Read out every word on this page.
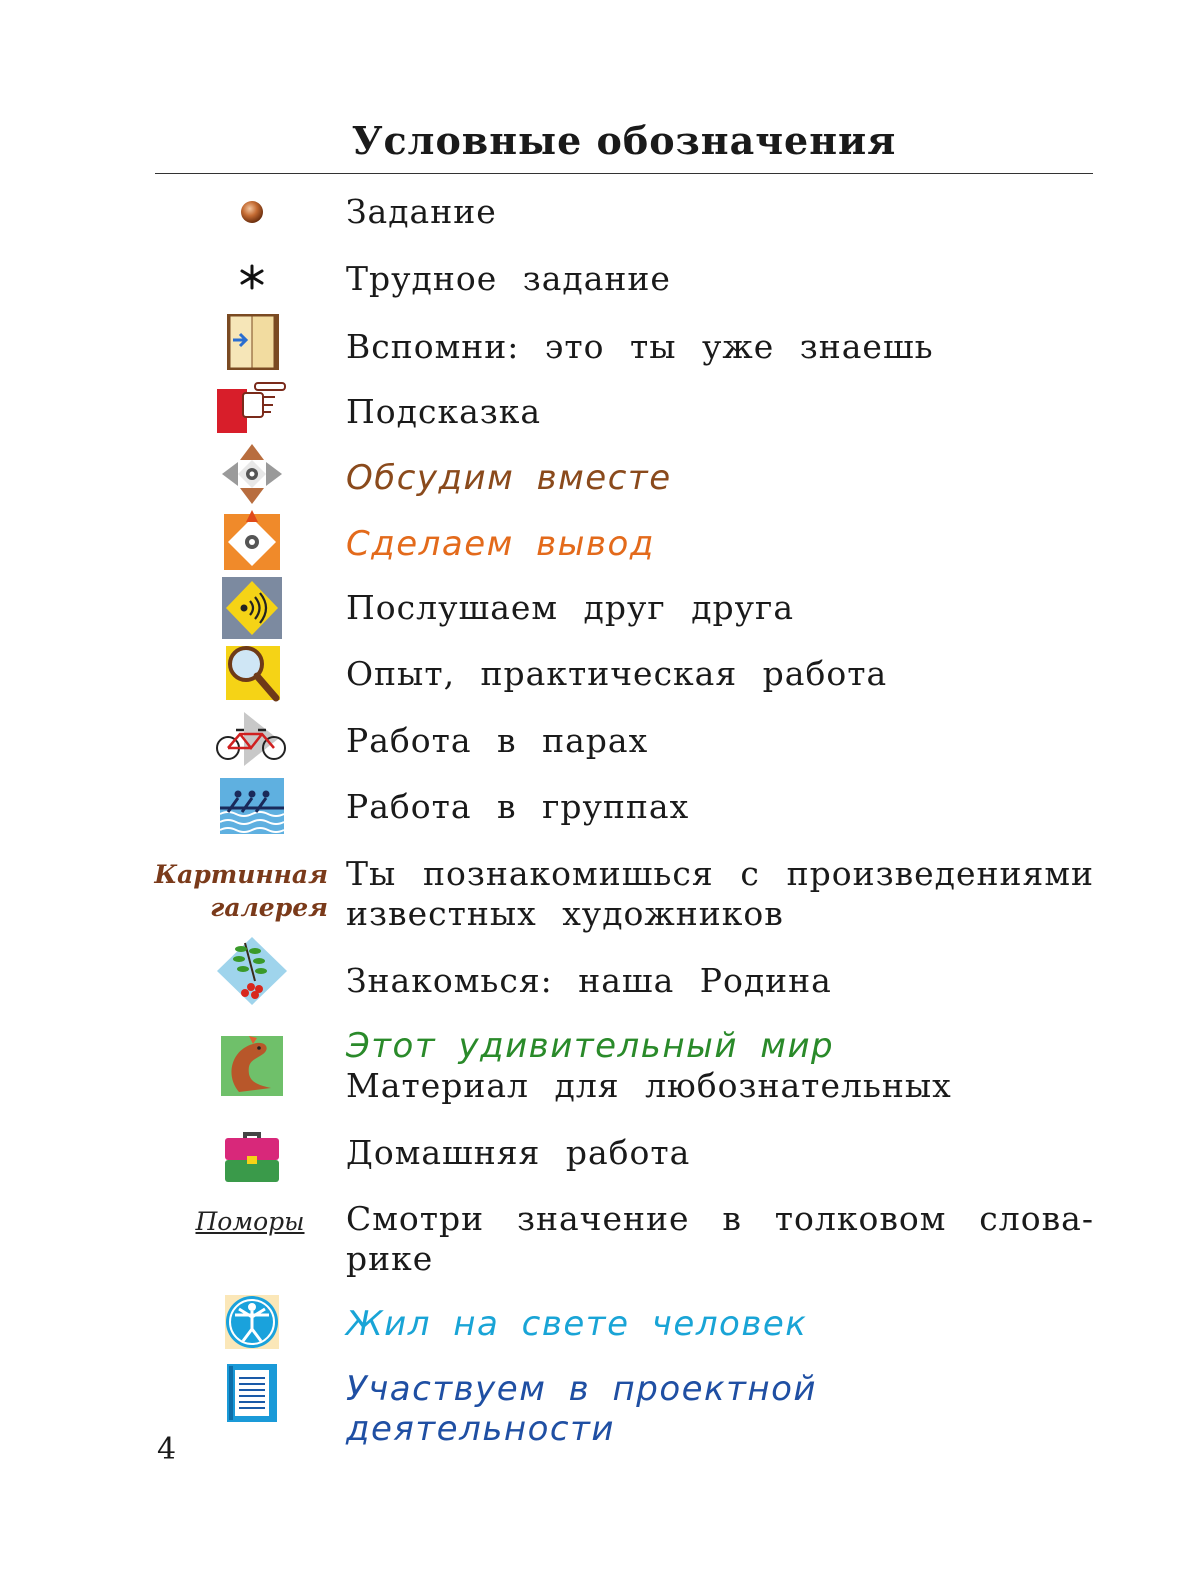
Условные обозначения
Задание
Трудное задание
Вспомни: это ты уже знаешь
Подсказка
Обсудим вместе
Сделаем вывод
Послушаем друг друга
Опыт, практическая работа
Работа в парах
Работа в группах
Картинная
галерея
Ты познакомишься с произведениями известных художников
Знакомься: наша Родина
Этот удивительный мир
Материал для любознательных
Домашняя работа
Поморы Смотри значение в толковом слова-
рике
Жил на свете человек
Участвуем в проектной деятельности
4
